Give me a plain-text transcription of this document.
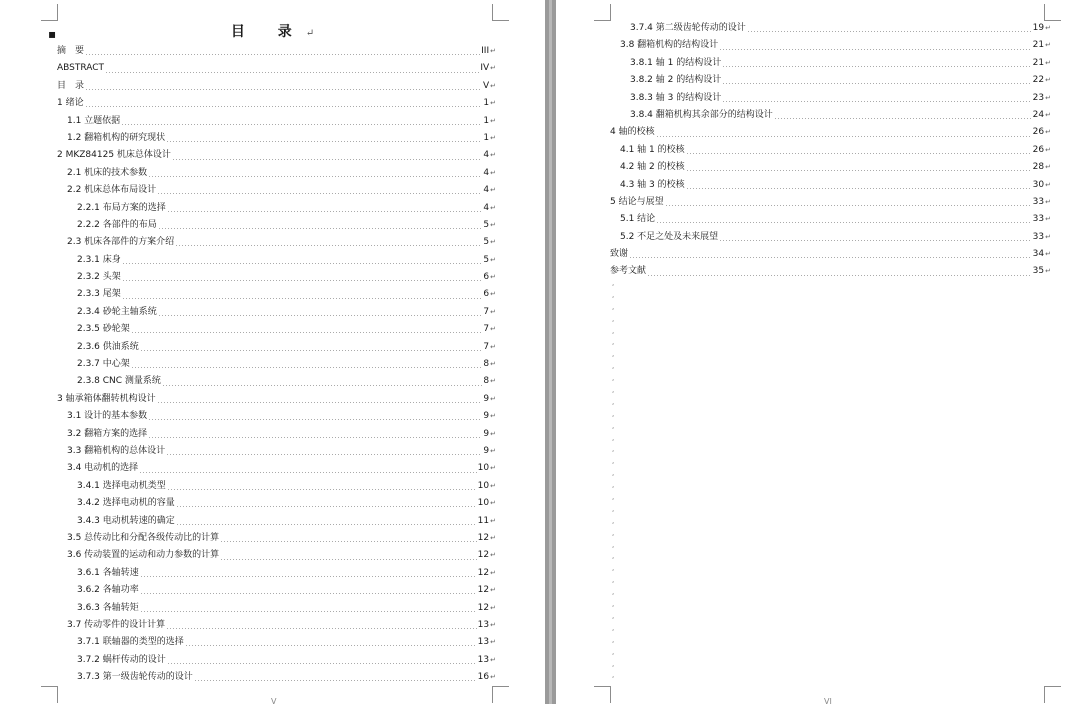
▪	目 录↵
摘　要	III ↵
ABSTRACT	IV ↵
目　录	V ↵
1 绪论	1 ↵
1.1 立题依据	1 ↵
1.2 翻箱机构的研究现状	1 ↵
2 MKZ84125 机床总体设计	4 ↵
2.1 机床的技术参数	4 ↵
2.2 机床总体布局设计	4 ↵
2.2.1 布局方案的选择	4 ↵
2.2.2 各部件的布局	5 ↵
2.3 机床各部件的方案介绍	5 ↵
2.3.1 床身	5 ↵
2.3.2 头架	6 ↵
2.3.3 尾架	6 ↵
2.3.4 砂轮主轴系统	7 ↵
2.3.5 砂轮架	7 ↵
2.3.6 供油系统	7 ↵
2.3.7 中心架	8 ↵
2.3.8 CNC 测量系统	8 ↵
3 轴承箱体翻转机构设计	9 ↵
3.1 设计的基本参数	9 ↵
3.2 翻箱方案的选择	9 ↵
3.3 翻箱机构的总体设计	9 ↵
3.4 电动机的选择	10 ↵
3.4.1 选择电动机类型	10 ↵
3.4.2 选择电动机的容量	10 ↵
3.4.3 电动机转速的确定	11 ↵
3.5 总传动比和分配各级传动比的计算	12 ↵
3.6 传动装置的运动和动力参数的计算	12 ↵
3.6.1 各轴转速	12 ↵
3.6.2 各轴功率	12 ↵
3.6.3 各轴转矩	12 ↵
3.7 传动零件的设计计算	13 ↵
3.7.1 联轴器的类型的选择	13 ↵
3.7.2 蜗杆传动的设计	13 ↵
3.7.3 第一级齿轮传动的设计	16 ↵
V	VI
3.7.4 第二级齿轮传动的设计	19 ↵
3.8 翻箱机构的结构设计	21 ↵
3.8.1 轴 1 的结构设计	21 ↵
3.8.2 轴 2 的结构设计	22 ↵
3.8.3 轴 3 的结构设计	23 ↵
3.8.4 翻箱机构其余部分的结构设计	24 ↵
4 轴的校核	26 ↵
4.1 轴 1 的校核	26 ↵
4.2 轴 2 的校核	28 ↵
4.3 轴 3 的校核	30 ↵
5 结论与展望	33 ↵
5.1 结论	33 ↵
5.2 不足之处及未来展望	33 ↵
致谢	34 ↵
参考文献	35 ↵
,
,
,
,
,
,
,
,
,
,
,
,
,
,
,
,
,
,
,
,
,
,
,
,
,
,
,
,
,
,
,
,
,
,
